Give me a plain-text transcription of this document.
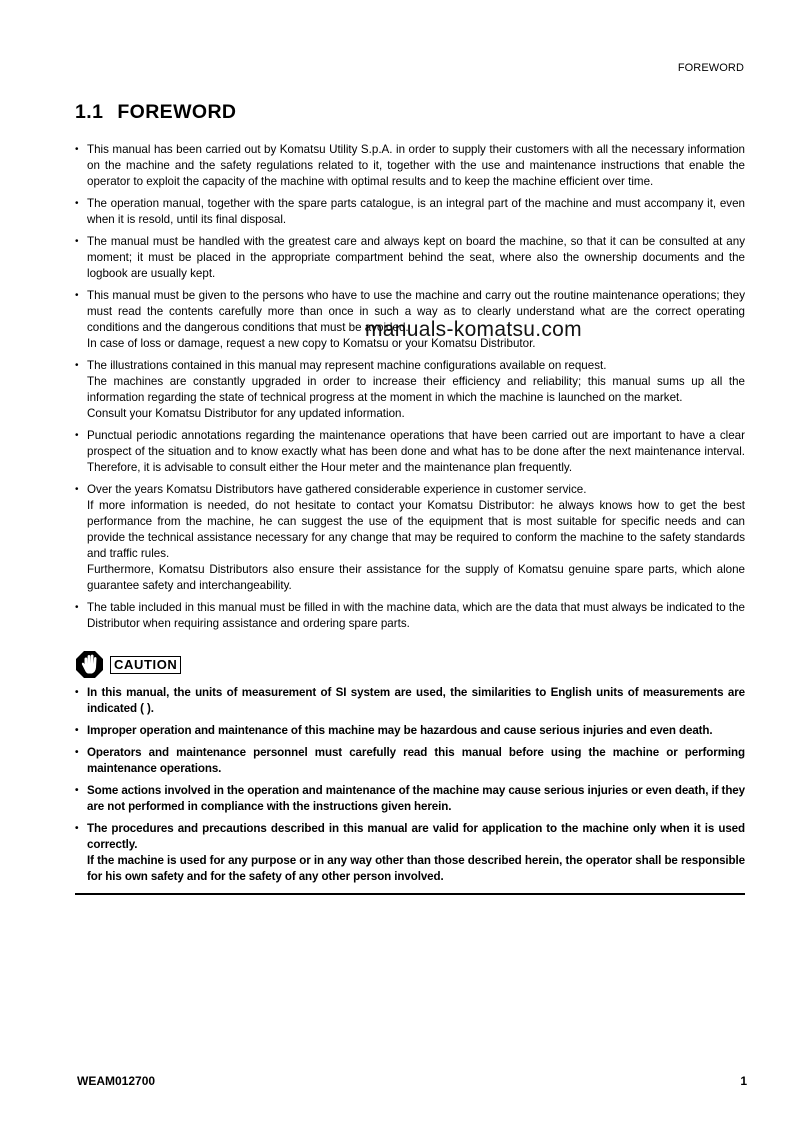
FOREWORD
1.1 FOREWORD
• This manual has been carried out by Komatsu Utility S.p.A. in order to supply their customers with all the necessary information on the machine and the safety regulations related to it, together with the use and maintenance instructions that enable the operator to exploit the capacity of the machine with optimal results and to keep the machine efficient over time.
• The operation manual, together with the spare parts catalogue, is an integral part of the machine and must accompany it, even when it is resold, until its final disposal.
• The manual must be handled with the greatest care and always kept on board the machine, so that it can be consulted at any moment; it must be placed in the appropriate compartment behind the seat, where also the ownership documents and the logbook are usually kept.
• This manual must be given to the persons who have to use the machine and carry out the routine maintenance operations; they must read the contents carefully more than once in such a way as to clearly understand what are the correct operating conditions and the dangerous conditions that must be avoided.
In case of loss or damage, request a new copy to Komatsu or your Komatsu Distributor.
• The illustrations contained in this manual may represent machine configurations available on request.
The machines are constantly upgraded in order to increase their efficiency and reliability; this manual sums up all the information regarding the state of technical progress at the moment in which the machine is launched on the market.
Consult your Komatsu Distributor for any updated information.
• Punctual periodic annotations regarding the maintenance operations that have been carried out are important to have a clear prospect of the situation and to know exactly what has been done and what has to be done after the next maintenance interval. Therefore, it is advisable to consult either the Hour meter and the maintenance plan frequently.
• Over the years Komatsu Distributors have gathered considerable experience in customer service.
If more information is needed, do not hesitate to contact your Komatsu Distributor: he always knows how to get the best performance from the machine, he can suggest the use of the equipment that is most suitable for specific needs and can provide the technical assistance necessary for any change that may be required to conform the machine to the safety standards and traffic rules.
Furthermore, Komatsu Distributors also ensure their assistance for the supply of Komatsu genuine spare parts, which alone guarantee safety and interchangeability.
• The table included in this manual must be filled in with the machine data, which are the data that must always be indicated to the Distributor when requiring assistance and ordering spare parts.
CAUTION
• In this manual, the units of measurement of SI system are used, the similarities to English units of measurements are indicated ( ).
• Improper operation and maintenance of this machine may be hazardous and cause serious injuries and even death.
• Operators and maintenance personnel must carefully read this manual before using the machine or performing maintenance operations.
• Some actions involved in the operation and maintenance of the machine may cause serious injuries or even death, if they are not performed in compliance with the instructions given herein.
• The procedures and precautions described in this manual are valid for application to the machine only when it is used correctly.
If the machine is used for any purpose or in any way other than those described herein, the operator shall be responsible for his own safety and for the safety of any other person involved.
manuals-komatsu.com
WEAM012700	1
